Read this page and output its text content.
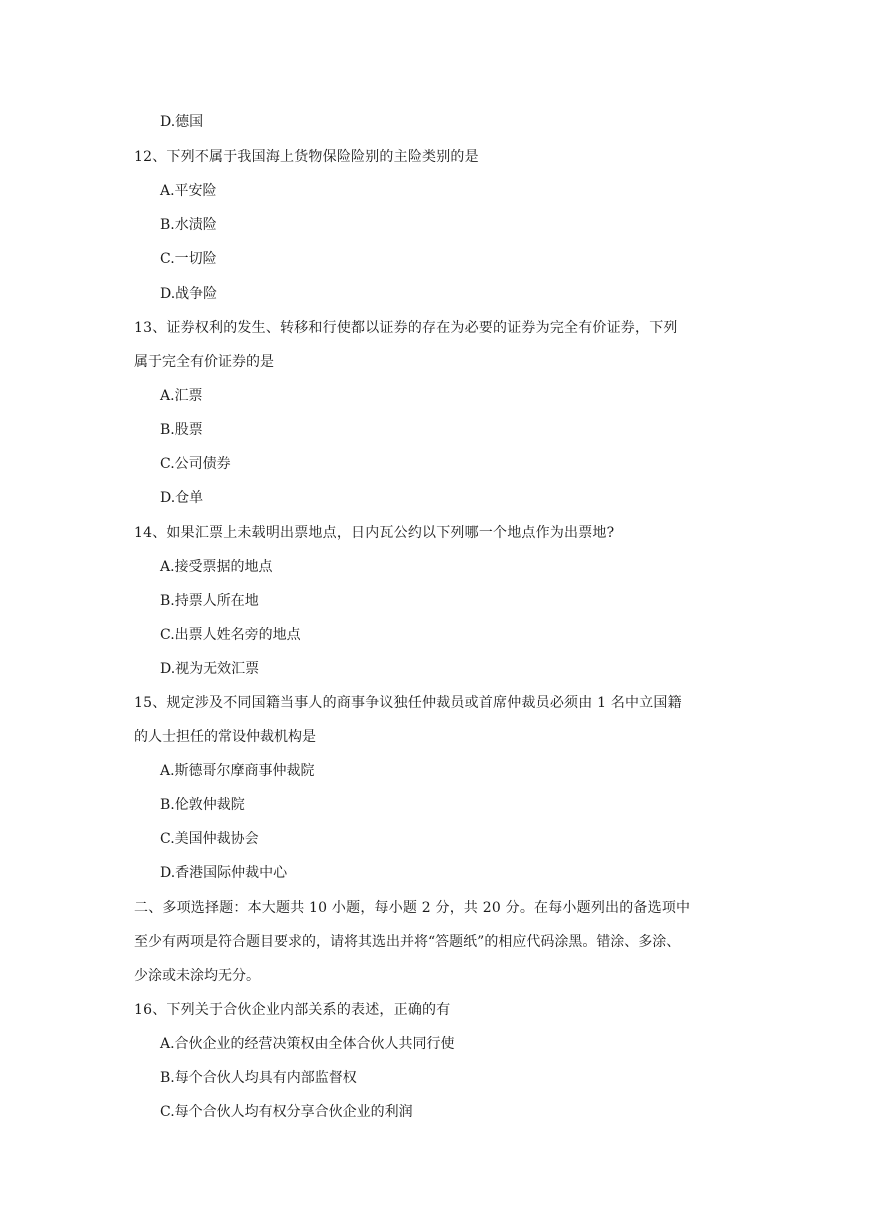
D.德国
12、下列不属于我国海上货物保险险别的主险类别的是
A.平安险
B.水渍险
C.一切险
D.战争险
13、证券权利的发生、转移和行使都以证券的存在为必要的证券为完全有价证券，下列
属于完全有价证券的是
A.汇票
B.股票
C.公司债券
D.仓单
14、如果汇票上未载明出票地点，日内瓦公约以下列哪一个地点作为出票地?
A.接受票据的地点
B.持票人所在地
C.出票人姓名旁的地点
D.视为无效汇票
15、规定涉及不同国籍当事人的商事争议独任仲裁员或首席仲裁员必须由 1 名中立国籍
的人士担任的常设仲裁机构是
A.斯德哥尔摩商事仲裁院
B.伦敦仲裁院
C.美国仲裁协会
D.香港国际仲裁中心
二、多项选择题：本大题共 10 小题，每小题 2 分，共 20 分。在每小题列出的备选项中
至少有两项是符合题目要求的，请将其选出并将“答题纸”的相应代码涂黑。错涂、多涂、
少涂或未涂均无分。
16、下列关于合伙企业内部关系的表述，正确的有
A.合伙企业的经营决策权由全体合伙人共同行使
B.每个合伙人均具有内部监督权
C.每个合伙人均有权分享合伙企业的利润
